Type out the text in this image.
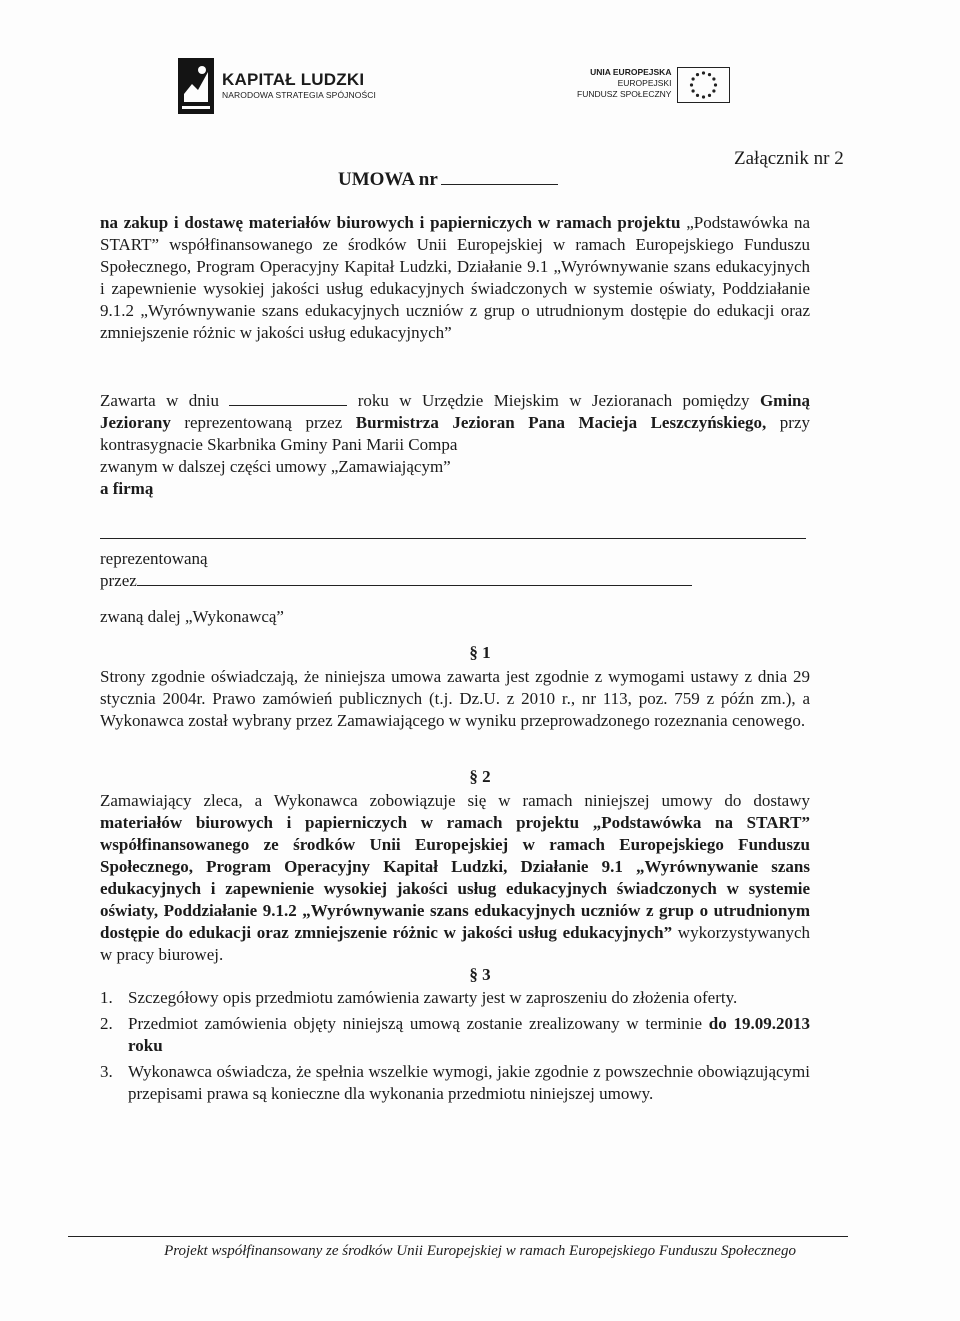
KAPITAŁ LUDZKI
NARODOWA STRATEGIA SPÓJNOŚCI
UNIA EUROPEJSKA
EUROPEJSKI
FUNDUSZ SPOŁECZNY
Załącznik nr 2
UMOWA nr
na zakup i dostawę materiałów biurowych i papierniczych w ramach projektu „Podstawówka na START” współfinansowanego ze środków Unii Europejskiej w ramach Europejskiego Funduszu Społecznego, Program Operacyjny Kapitał Ludzki, Działanie 9.1 „Wyrównywanie szans edukacyjnych i zapewnienie wysokiej jakości usług edukacyjnych świadczonych w systemie oświaty, Poddziałanie 9.1.2 „Wyrównywanie szans edukacyjnych uczniów z grup o utrudnionym dostępie do edukacji oraz zmniejszenie różnic w jakości usług edukacyjnych”
Zawarta w dniu	roku w Urzędzie Miejskim w Jezioranach pomiędzy Gminą Jeziorany reprezentowaną przez Burmistrza Jezioran Pana Macieja Leszczyńskiego, przy kontrasygnacie Skarbnika Gminy Pani Marii Compa
zwanym w dalszej części umowy „Zamawiającym”
a firmą
reprezentowaną
przez
zwaną dalej „Wykonawcą”
§ 1
Strony zgodnie oświadczają, że niniejsza umowa zawarta jest zgodnie z wymogami ustawy z dnia 29 stycznia 2004r. Prawo zamówień publicznych (t.j. Dz.U. z 2010 r., nr 113, poz. 759 z późn zm.), a Wykonawca został wybrany przez Zamawiającego w wyniku przeprowadzonego rozeznania cenowego.
§ 2
Zamawiający zleca, a Wykonawca zobowiązuje się w ramach niniejszej umowy do dostawy materiałów biurowych i papierniczych w ramach projektu „Podstawówka na START” współfinansowanego ze środków Unii Europejskiej w ramach Europejskiego Funduszu Społecznego, Program Operacyjny Kapitał Ludzki, Działanie 9.1 „Wyrównywanie szans edukacyjnych i zapewnienie wysokiej jakości usług edukacyjnych świadczonych w systemie oświaty, Poddziałanie 9.1.2 „Wyrównywanie szans edukacyjnych uczniów z grup o utrudnionym dostępie do edukacji oraz zmniejszenie różnic w jakości usług edukacyjnych” wykorzystywanych w pracy biurowej.
§ 3
1. Szczegółowy opis przedmiotu zamówienia zawarty jest w zaproszeniu do złożenia oferty.
2. Przedmiot zamówienia objęty niniejszą umową zostanie zrealizowany w terminie do 19.09.2013 roku
3. Wykonawca oświadcza, że spełnia wszelkie wymogi, jakie zgodnie z powszechnie obowiązującymi przepisami prawa są konieczne dla wykonania przedmiotu niniejszej umowy.
Projekt współfinansowany ze środków Unii Europejskiej w ramach Europejskiego Funduszu Społecznego
